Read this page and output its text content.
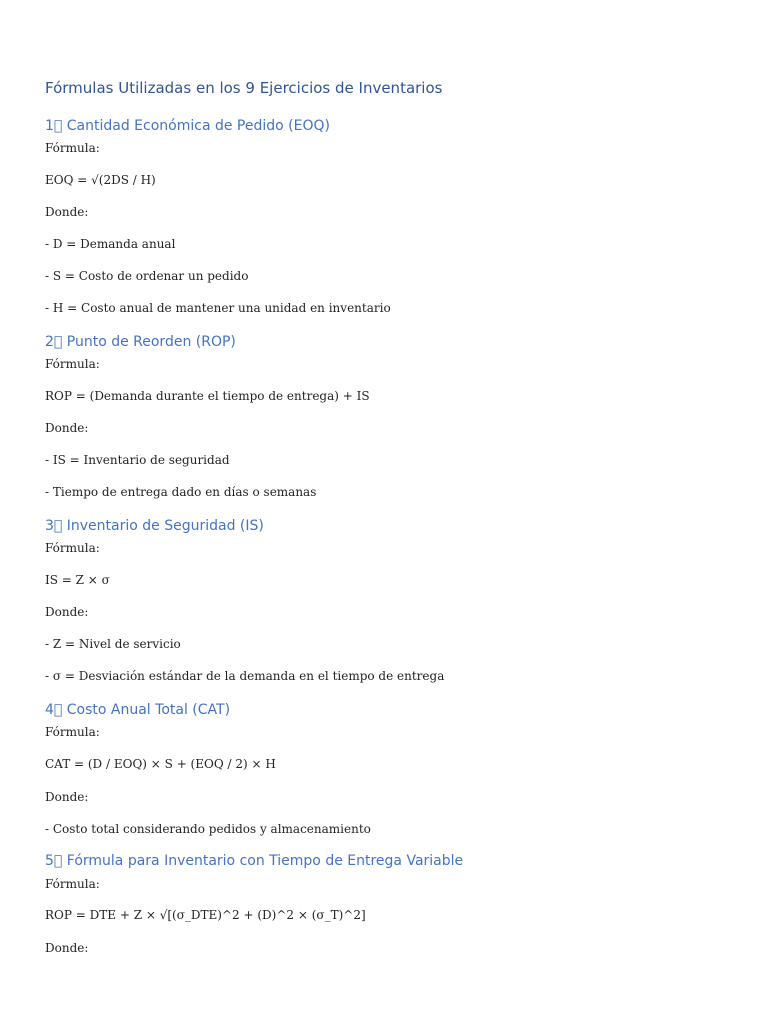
Fórmulas Utilizadas en los 9 Ejercicios de Inventarios
1⃣ Cantidad Económica de Pedido (EOQ)

Fórmula:

EOQ = √(2DS / H)

Donde:

- D = Demanda anual

- S = Costo de ordenar un pedido

- H = Costo anual de mantener una unidad en inventario

2⃣ Punto de Reorden (ROP)

Fórmula:

ROP = (Demanda durante el tiempo de entrega) + IS

Donde:

- IS = Inventario de seguridad

- Tiempo de entrega dado en días o semanas

3⃣ Inventario de Seguridad (IS)

Fórmula:

IS = Z × σ

Donde:

- Z = Nivel de servicio

- σ = Desviación estándar de la demanda en el tiempo de entrega

4⃣ Costo Anual Total (CAT)

Fórmula:

CAT = (D / EOQ) × S + (EOQ / 2) × H

Donde:

- Costo total considerando pedidos y almacenamiento

5⃣ Fórmula para Inventario con Tiempo de Entrega Variable

Fórmula:

ROP = DTE + Z × √[(σ_DTE)^2 + (D)^2 × (σ_T)^2]

Donde:
